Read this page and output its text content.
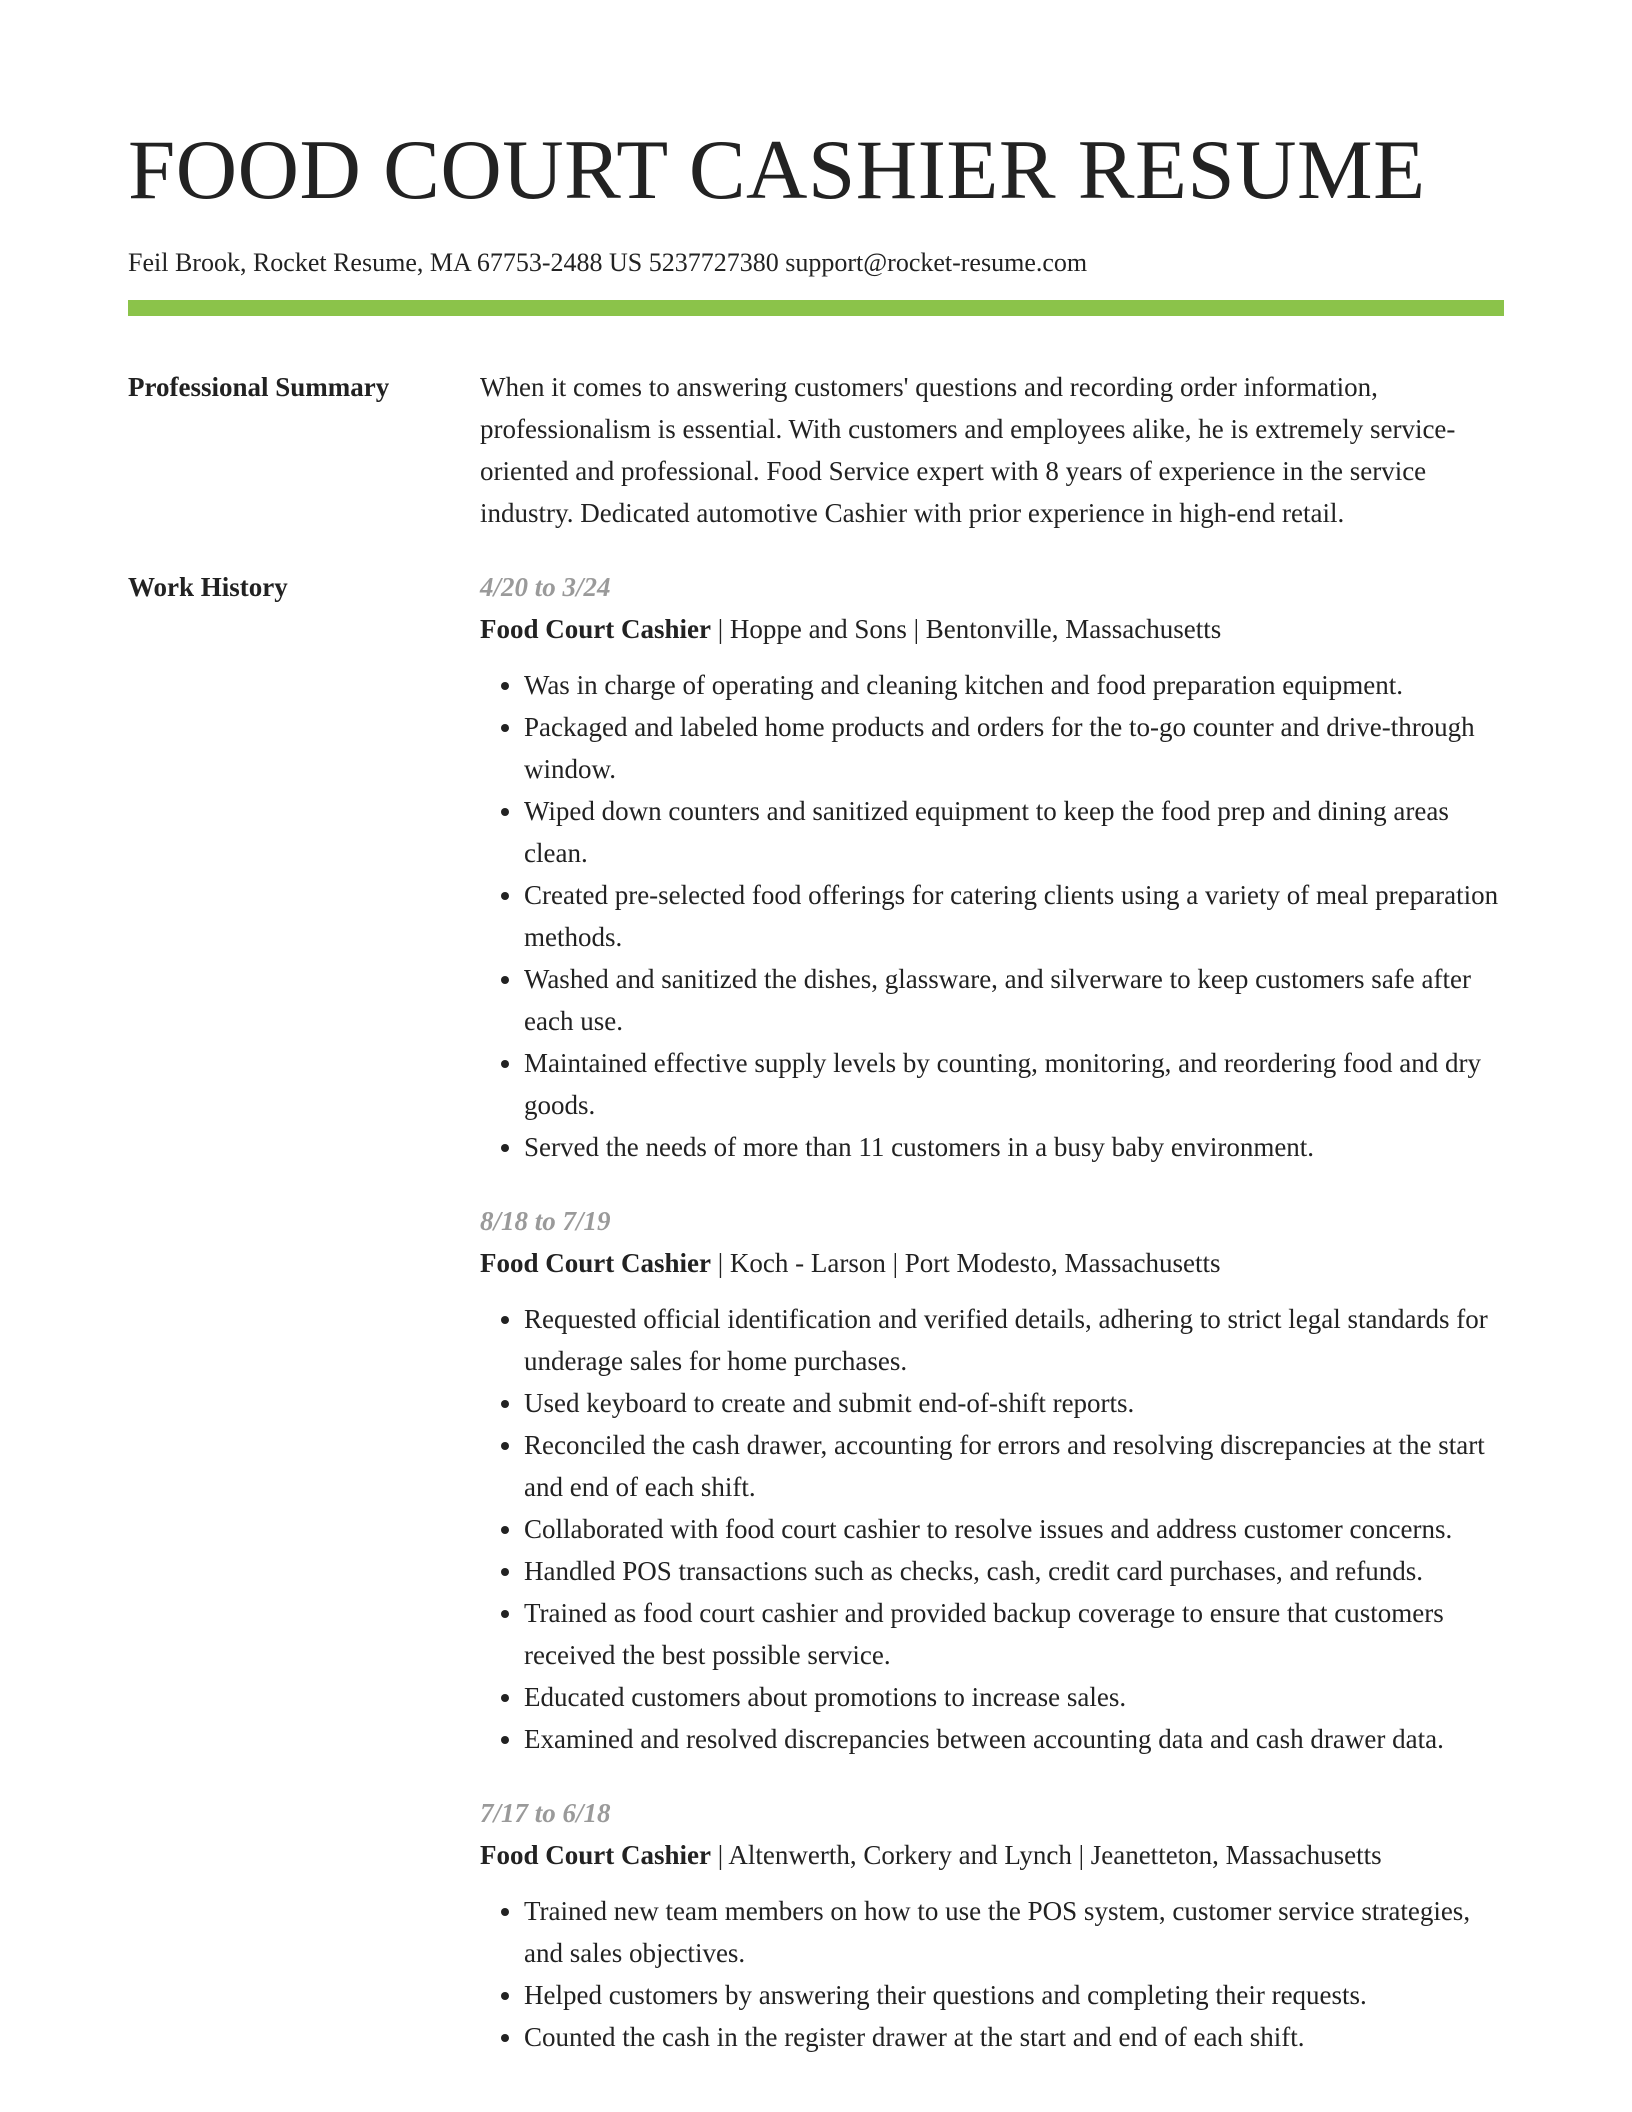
FOOD COURT CASHIER RESUME
Feil Brook, Rocket Resume, MA 67753-2488 US 5237727380 support@rocket-resume.com
Professional Summary	When it comes to answering customers' questions and recording order information, professionalism is essential. With customers and employees alike, he is extremely service-oriented and professional. Food Service expert with 8 years of experience in the service industry. Dedicated automotive Cashier with prior experience in high-end retail.

Work History	4/20 to 3/24
Food Court Cashier | Hoppe and Sons | Bentonville, Massachusetts
• Was in charge of operating and cleaning kitchen and food preparation equipment.
• Packaged and labeled home products and orders for the to-go counter and drive-through window.
• Wiped down counters and sanitized equipment to keep the food prep and dining areas clean.
• Created pre-selected food offerings for catering clients using a variety of meal preparation methods.
• Washed and sanitized the dishes, glassware, and silverware to keep customers safe after each use.
• Maintained effective supply levels by counting, monitoring, and reordering food and dry goods.
• Served the needs of more than 11 customers in a busy baby environment.
8/18 to 7/19
Food Court Cashier | Koch - Larson | Port Modesto, Massachusetts
• Requested official identification and verified details, adhering to strict legal standards for underage sales for home purchases.
• Used keyboard to create and submit end-of-shift reports.
• Reconciled the cash drawer, accounting for errors and resolving discrepancies at the start and end of each shift.
• Collaborated with food court cashier to resolve issues and address customer concerns.
• Handled POS transactions such as checks, cash, credit card purchases, and refunds.
• Trained as food court cashier and provided backup coverage to ensure that customers received the best possible service.
• Educated customers about promotions to increase sales.
• Examined and resolved discrepancies between accounting data and cash drawer data.
7/17 to 6/18
Food Court Cashier | Altenwerth, Corkery and Lynch | Jeanetteton, Massachusetts
• Trained new team members on how to use the POS system, customer service strategies, and sales objectives.
• Helped customers by answering their questions and completing their requests.
• Counted the cash in the register drawer at the start and end of each shift.
